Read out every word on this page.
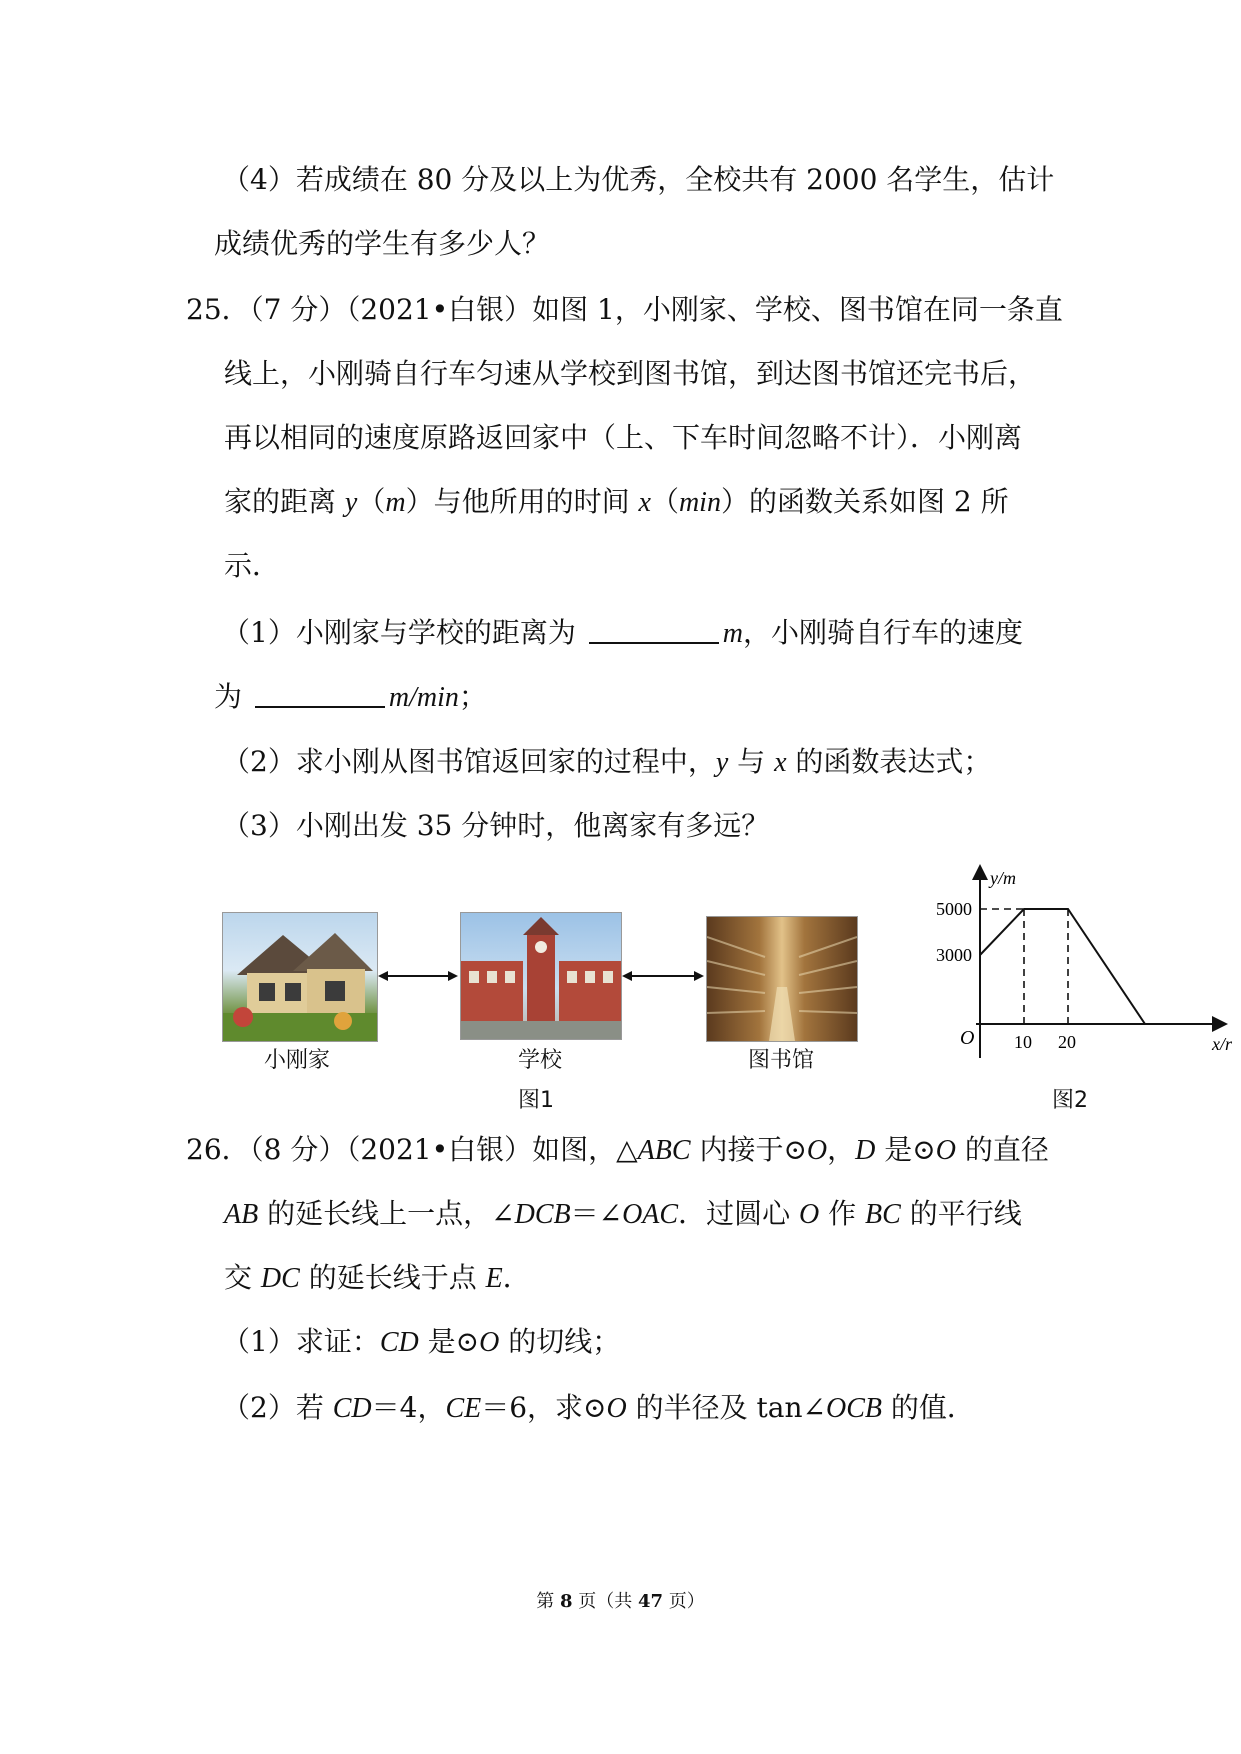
（4）若成绩在 80 分及以上为优秀，全校共有 2000 名学生，估计
成绩优秀的学生有多少人？
25．（7 分）（2021•白银）如图 1，小刚家、学校、图书馆在同一条直
线上，小刚骑自行车匀速从学校到图书馆，到达图书馆还完书后，
再以相同的速度原路返回家中（上、下车时间忽略不计）．小刚离
家的距离 y（m）与他所用的时间 x（min）的函数关系如图 2 所
示．
（1）小刚家与学校的距离为	m，小刚骑自行车的速度
为	m/min；
（2）求小刚从图书馆返回家的过程中，y 与 x 的函数表达式；
（3）小刚出发 35 分钟时，他离家有多远？
小刚家	学校	图书馆
图1
y/m
x/r
O
5000
3000
10 20
图2
26．（8 分）（2021•白银）如图，△ABC 内接于⊙O，D 是⊙O 的直径
AB 的延长线上一点，∠DCB＝∠OAC．过圆心 O 作 BC 的平行线
交 DC 的延长线于点 E．
（1）求证：CD 是⊙O 的切线；
（2）若 CD＝4，CE＝6，求⊙O 的半径及 tan∠OCB 的值．
第 8 页（共 47 页）
